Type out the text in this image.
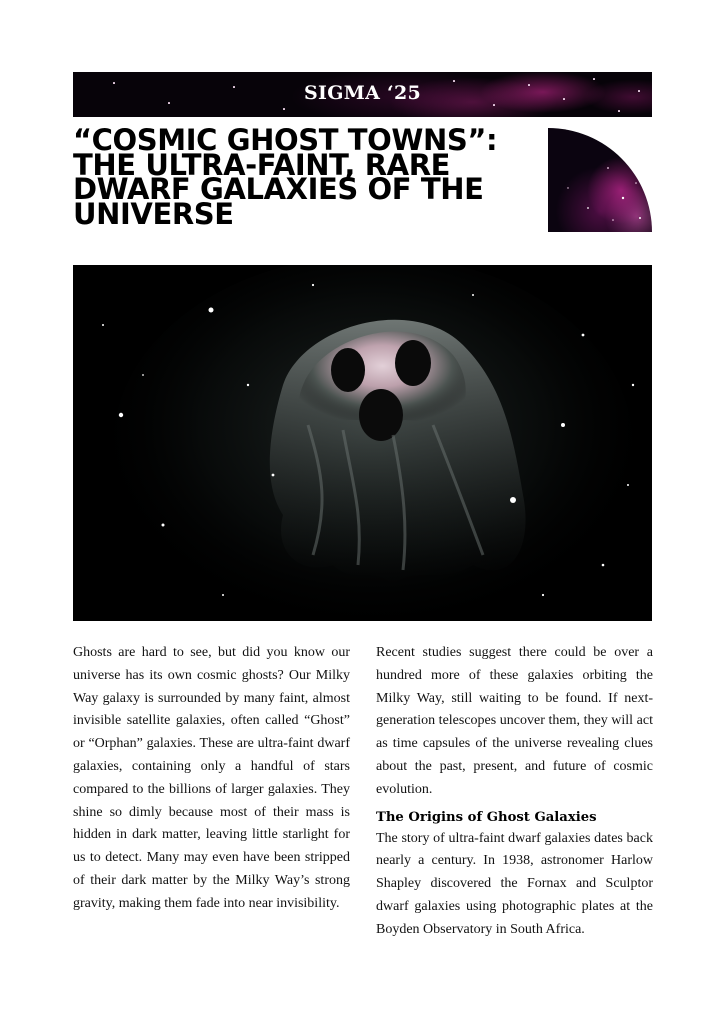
SIGMA ‘25
“COSMIC GHOST TOWNS”: THE ULTRA-FAINT, RARE DWARF GALAXIES OF THE UNIVERSE

Ghosts are hard to see, but did you know our universe has its own cosmic ghosts? Our Milky Way galaxy is surrounded by many faint, almost invisible satellite galaxies, often called “Ghost” or “Orphan” galaxies. These are ultra-faint dwarf galaxies, containing only a handful of stars compared to the billions of larger galaxies. They shine so dimly because most of their mass is hidden in dark matter, leaving little starlight for us to detect. Many may even have been stripped of their dark matter by the Milky Way’s strong gravity, making them fade into near invisibility.

Recent studies suggest there could be over a hundred more of these galaxies orbiting the Milky Way, still waiting to be found. If next-generation telescopes uncover them, they will act as time capsules of the universe revealing clues about the past, present, and future of cosmic evolution.

The Origins of Ghost Galaxies

The story of ultra-faint dwarf galaxies dates back nearly a century. In 1938, astronomer Harlow Shapley discovered the Fornax and Sculptor dwarf galaxies using photographic plates at the Boyden Observatory in South Africa.
